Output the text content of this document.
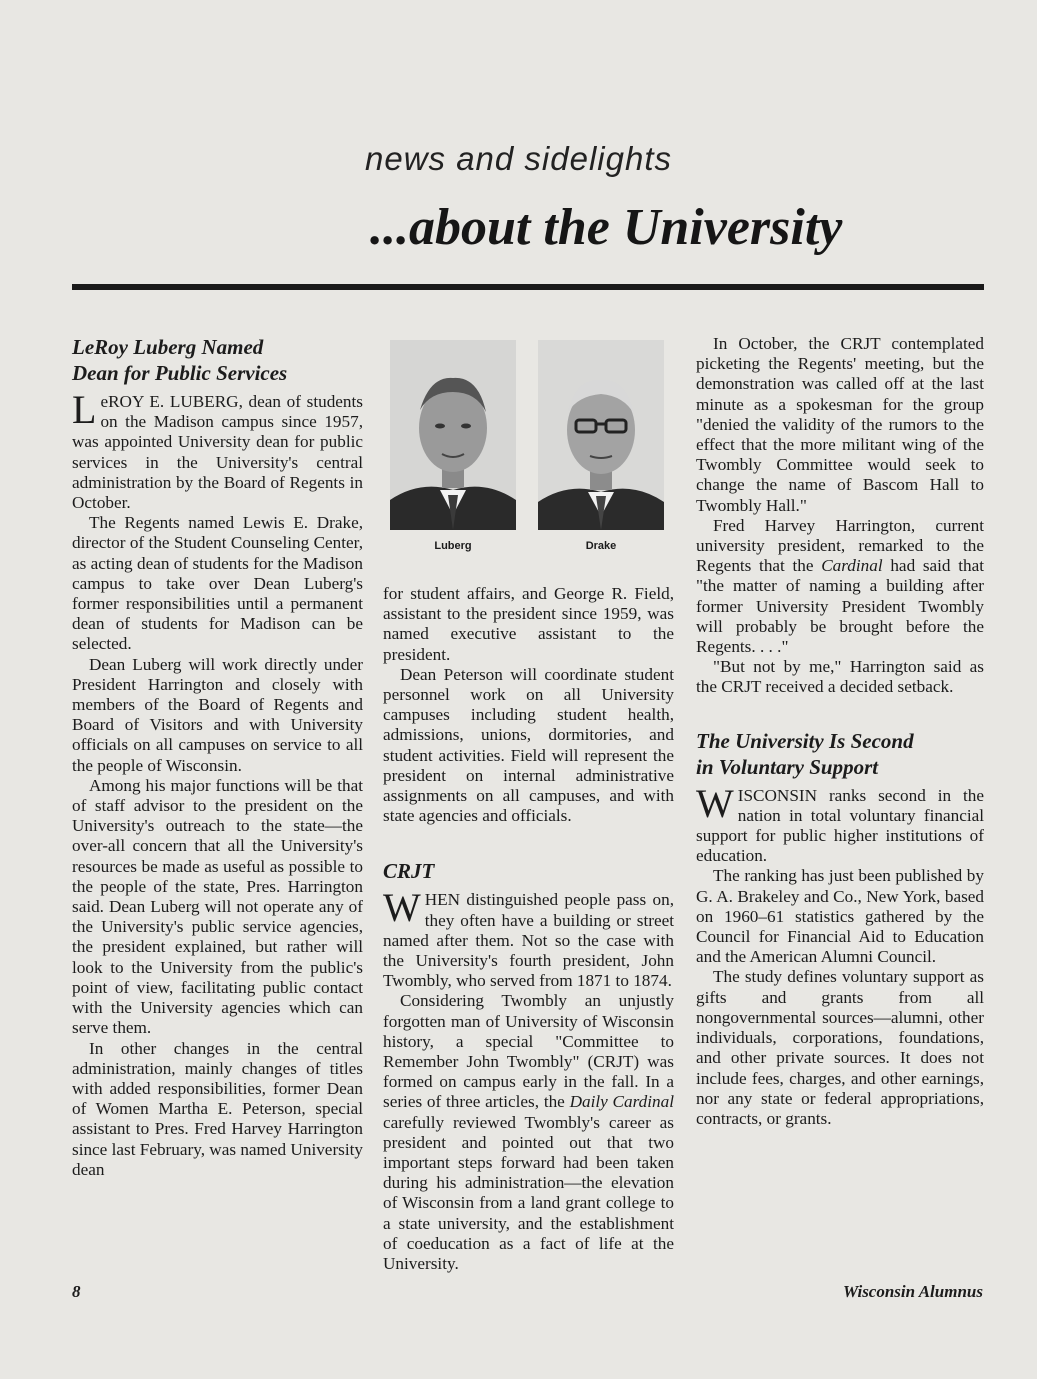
news and sidelights
...about the University
Luberg	Drake
LeRoy Luberg Named
Dean for Public Services

LeROY E. LUBERG, dean of students on the Madison campus since 1957, was appointed University dean for public services in the University's central administration by the Board of Regents in October.

The Regents named Lewis E. Drake, director of the Student Counseling Center, as acting dean of students for the Madison campus to take over Dean Luberg's former responsibilities until a permanent dean of students for Madison can be selected.

Dean Luberg will work directly under President Harrington and closely with members of the Board of Regents and Board of Visitors and with University officials on all campuses on service to all the people of Wisconsin.

Among his major functions will be that of staff advisor to the president on the University's outreach to the state—the over-all concern that all the University's resources be made as useful as possible to the people of the state, Pres. Harrington said. Dean Luberg will not operate any of the University's public service agencies, the president explained, but rather will look to the University from the public's point of view, facilitating public contact with the University agencies which can serve them.

In other changes in the central administration, mainly changes of titles with added responsibilities, former Dean of Women Martha E. Peterson, special assistant to Pres. Fred Harvey Harrington since last February, was named University dean

for student affairs, and George R. Field, assistant to the president since 1959, was named executive assistant to the president.

Dean Peterson will coordinate student personnel work on all University campuses including student health, admissions, unions, dormitories, and student activities. Field will represent the president on internal administrative assignments on all campuses, and with state agencies and officials.

CRJT

WHEN distinguished people pass on, they often have a building or street named after them. Not so the case with the University's fourth president, John Twombly, who served from 1871 to 1874.

Considering Twombly an unjustly forgotten man of University of Wisconsin history, a special "Committee to Remember John Twombly" (CRJT) was formed on campus early in the fall. In a series of three articles, the Daily Cardinal carefully reviewed Twombly's career as president and pointed out that two important steps forward had been taken during his administration—the elevation of Wisconsin from a land grant college to a state university, and the establishment of coeducation as a fact of life at the University.

In October, the CRJT contemplated picketing the Regents' meeting, but the demonstration was called off at the last minute as a spokesman for the group "denied the validity of the rumors to the effect that the more militant wing of the Twombly Committee would seek to change the name of Bascom Hall to Twombly Hall."

Fred Harvey Harrington, current university president, remarked to the Regents that the Cardinal had said that "the matter of naming a building after former University President Twombly will probably be brought before the Regents. . . ."

"But not by me," Harrington said as the CRJT received a decided setback.

The University Is Second
in Voluntary Support

WISCONSIN ranks second in the nation in total voluntary financial support for public higher institutions of education.

The ranking has just been published by G. A. Brakeley and Co., New York, based on 1960–61 statistics gathered by the Council for Financial Aid to Education and the American Alumni Council.

The study defines voluntary support as gifts and grants from all nongovernmental sources—alumni, other individuals, corporations, foundations, and other private sources. It does not include fees, charges, and other earnings, nor any state or federal appropriations, contracts, or grants.

8	Wisconsin Alumnus
